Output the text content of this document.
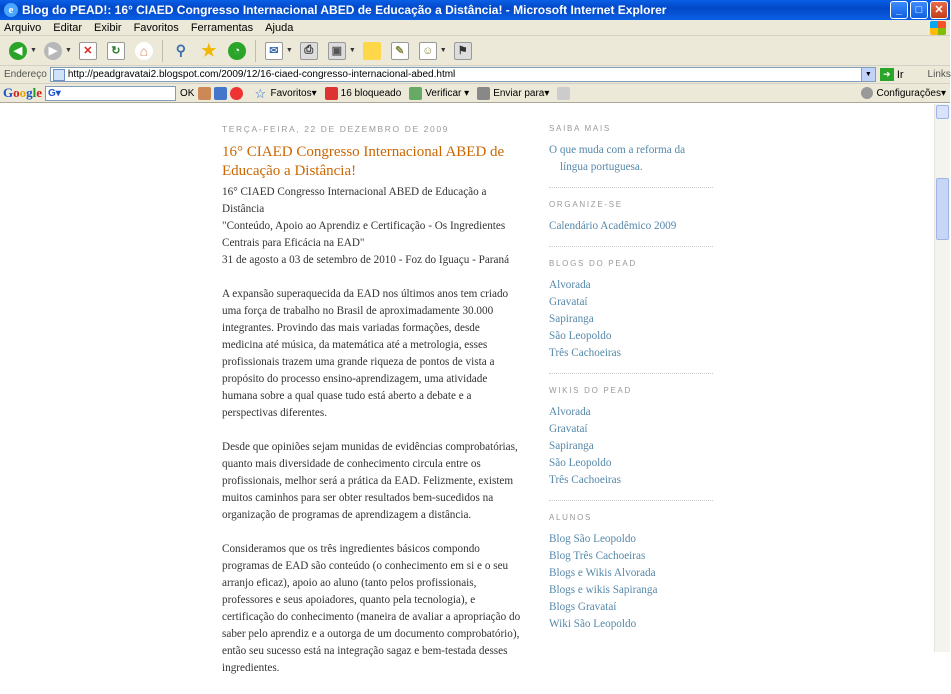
e Blog do PEAD!: 16° CIAED Congresso Internacional ABED de Educação a Distância! - Microsoft Internet Explorer	_	□	✕
Arquivo Editar Exibir Favoritos Ferramentas Ajuda
◀	▼	▶	▼	✕	↻	⌂	⚲ ★	◔	✉	▼	⎙	▣ ▼	✎	☺ ▼	⚑
Endereço http://peadgravatai2.blogspot.com/2009/12/16-ciaed-congresso-internacional-abed.html	▼	➜ Ir Links
Google G▾	OK	☆ Favoritos ▾ 16 bloqueado Verificar ▾ Enviar para ▾	Configurações ▾
TERÇA-FEIRA, 22 DE DEZEMBRO DE 2009
16° CIAED Congresso Internacional ABED de Educação a Distância!

16° CIAED Congresso Internacional ABED de Educação a Distância
"Conteúdo, Apoio ao Aprendiz e Certificação - Os Ingredientes Centrais para Eficácia na EAD"
31 de agosto a 03 de setembro de 2010 - Foz do Iguaçu - Paraná

A expansão superaquecida da EAD nos últimos anos tem criado uma força de trabalho no Brasil de aproximadamente 30.000 integrantes. Provindo das mais variadas formações, desde medicina até música, da matemática até a metrologia, esses profissionais trazem uma grande riqueza de pontos de vista a propósito do processo ensino-aprendizagem, uma atividade humana sobre a qual quase tudo está aberto a debate e a perspectivas diferentes.

Desde que opiniões sejam munidas de evidências comprobatórias, quanto mais diversidade de conhecimento circula entre os profissionais, melhor será a prática da EAD. Felizmente, existem muitos caminhos para ser obter resultados bem-sucedidos na organização de programas de aprendizagem a distância.

Consideramos que os três ingredientes básicos compondo programas de EAD são conteúdo (o conhecimento em si e o seu arranjo eficaz), apoio ao aluno (tanto pelos profissionais, professores e seus apoiadores, quanto pela tecnologia), e certificação do conhecimento (maneira de avaliar a apropriação do saber pelo aprendiz e a outorga de um documento comprobatório), então seu sucesso está na integração sagaz e bem-testada desses ingredientes.

SAIBA MAIS
O que muda com a reforma da língua portuguesa.
ORGANIZE-SE
Calendário Acadêmico 2009
BLOGS DO PEAD
Alvorada
Gravataí
Sapiranga
São Leopoldo
Três Cachoeiras
WIKIS DO PEAD
Alvorada
Gravataí
Sapiranga
São Leopoldo
Três Cachoeiras
ALUNOS
Blog São Leopoldo
Blog Três Cachoeiras
Blogs e Wikis Alvorada
Blogs e wikis Sapiranga
Blogs Gravataí
Wiki São Leopoldo
